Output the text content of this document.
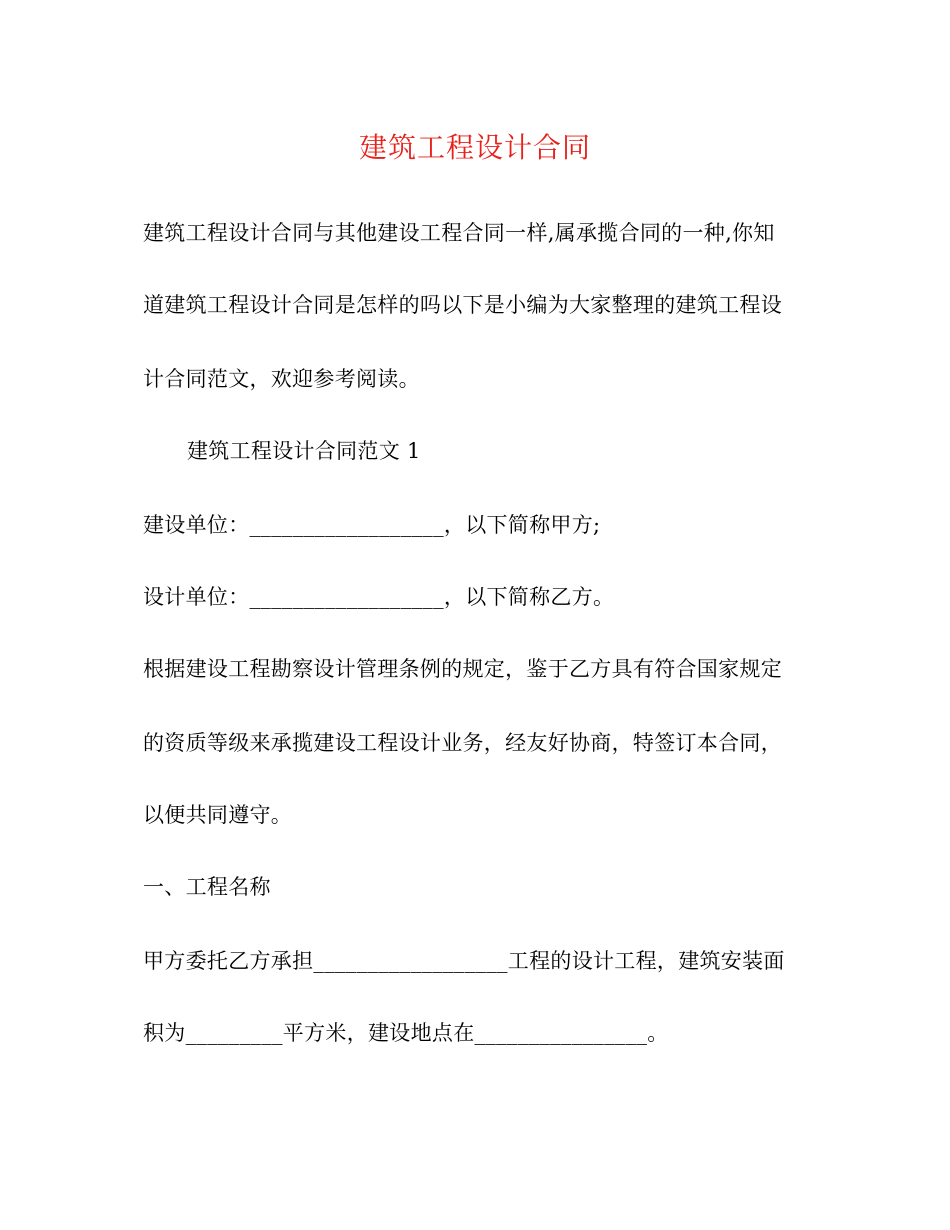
建筑工程设计合同
建筑工程设计合同与其他建设工程合同一样,属承揽合同的一种,你知
道建筑工程设计合同是怎样的吗以下是小编为大家整理的建筑工程设
计合同范文，欢迎参考阅读。
建筑工程设计合同范文 1
建设单位：__________________，以下简称甲方;
设计单位：__________________，以下简称乙方。
根据建设工程勘察设计管理条例的规定，鉴于乙方具有符合国家规定
的资质等级来承揽建设工程设计业务，经友好协商，特签订本合同，
以便共同遵守。
一、工程名称
甲方委托乙方承担__________________工程的设计工程，建筑安装面
积为_________平方米，建设地点在________________。
